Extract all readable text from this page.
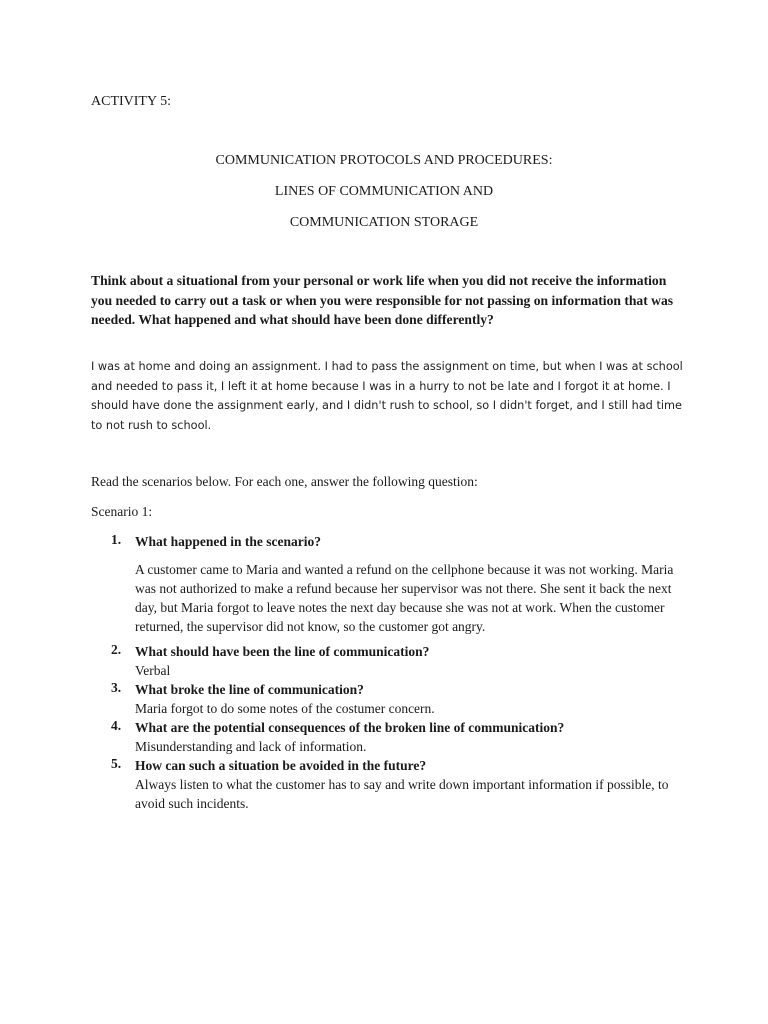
ACTIVITY 5:
COMMUNICATION PROTOCOLS AND PROCEDURES:
LINES OF COMMUNICATION AND
COMMUNICATION STORAGE
Think about a situational from your personal or work life when you did not receive the information you needed to carry out a task or when you were responsible for not passing on information that was needed. What happened and what should have been done differently?
I was at home and doing an assignment. I had to pass the assignment on time, but when I was at school and needed to pass it, I left it at home because I was in a hurry to not be late and I forgot it at home. I should have done the assignment early, and I didn't rush to school, so I didn't forget, and I still had time to not rush to school.
Read the scenarios below. For each one, answer the following question:
Scenario 1:
1. What happened in the scenario?
A customer came to Maria and wanted a refund on the cellphone because it was not working. Maria was not authorized to make a refund because her supervisor was not there. She sent it back the next day, but Maria forgot to leave notes the next day because she was not at work. When the customer returned, the supervisor did not know, so the customer got angry.
2. What should have been the line of communication?
Verbal
3. What broke the line of communication?
Maria forgot to do some notes of the costumer concern.
4. What are the potential consequences of the broken line of communication?
Misunderstanding and lack of information.
5. How can such a situation be avoided in the future?
Always listen to what the customer has to say and write down important information if possible, to avoid such incidents.
